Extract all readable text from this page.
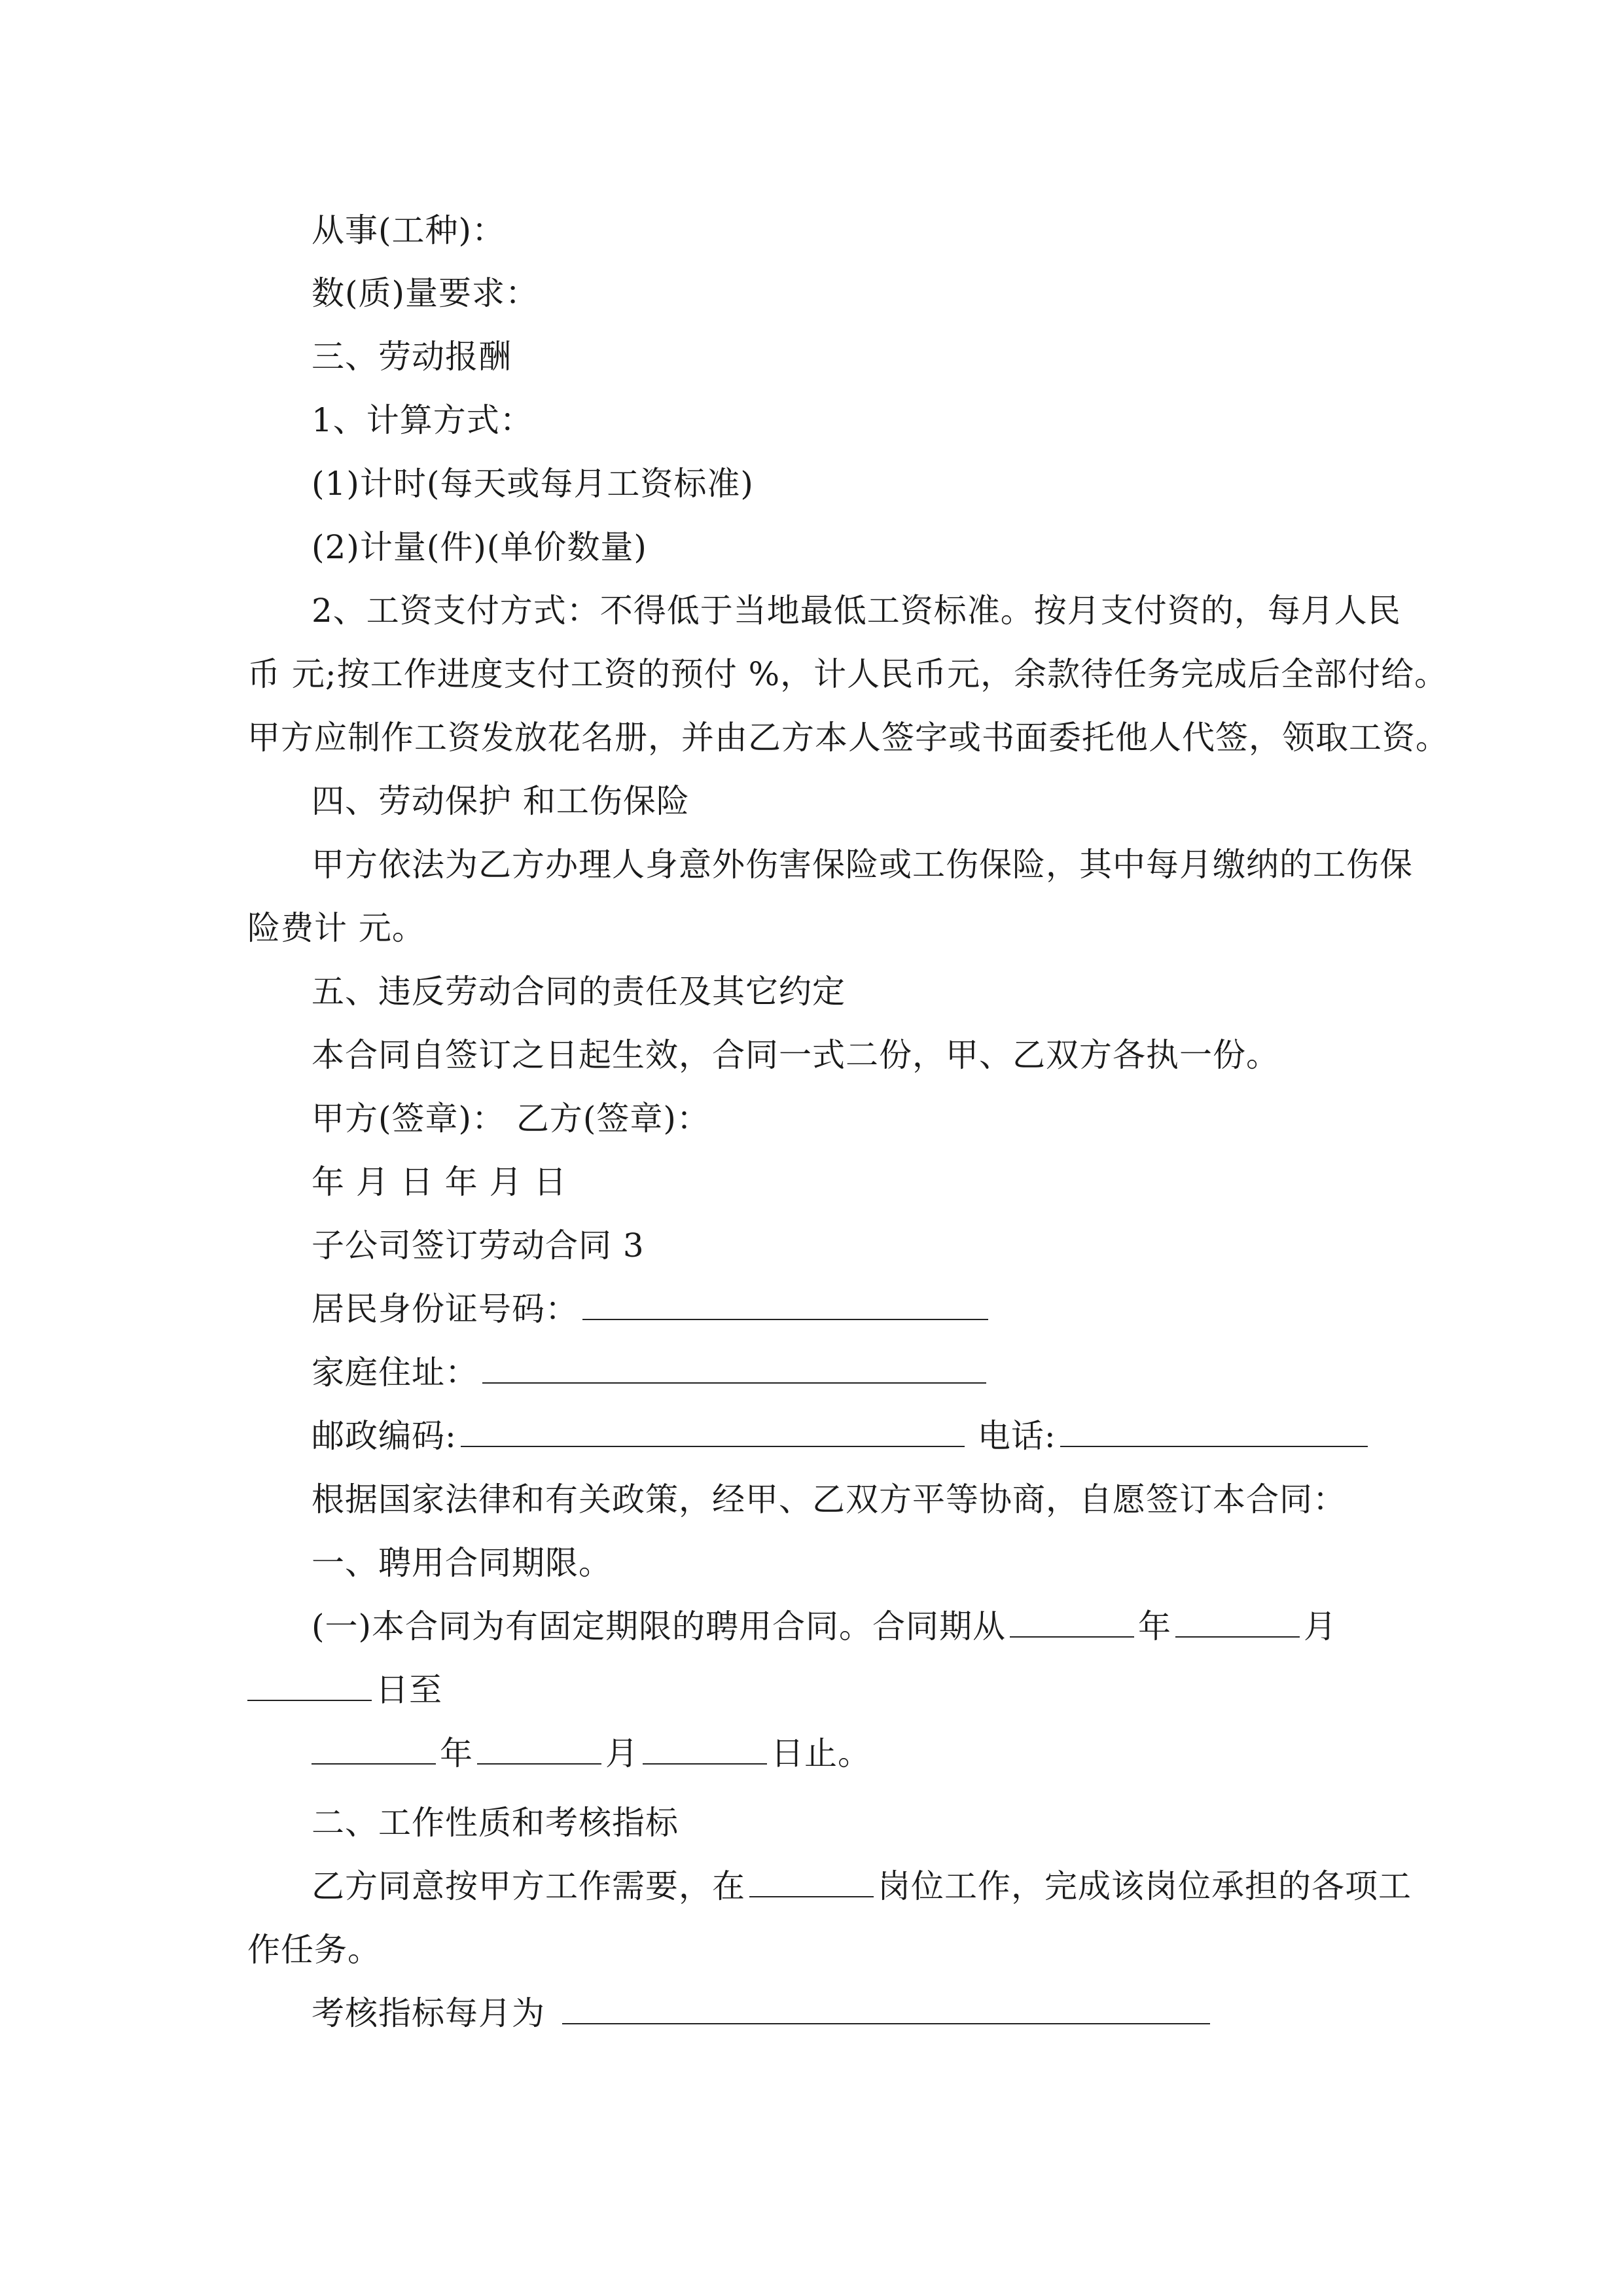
从事(工种)：
数(质)量要求：
三、劳动报酬
1、计算方式：
(1)计时(每天或每月工资标准)
(2)计量(件)(单价数量)
2、工资支付方式：不得低于当地最低工资标准。按月支付资的，每月人民
币 元;按工作进度支付工资的预付 %，计人民币元，余款待任务完成后全部付给。
甲方应制作工资发放花名册，并由乙方本人签字或书面委托他人代签，领取工资。
四、劳动保护 和工伤保险
甲方依法为乙方办理人身意外伤害保险或工伤保险，其中每月缴纳的工伤保
险费计 元。
五、违反劳动合同的责任及其它约定
本合同自签订之日起生效，合同一式二份，甲、乙双方各执一份。
甲方(签章)： 乙方(签章)：
年 月 日 年 月 日
子公司签订劳动合同 3
居民身份证号码：
家庭住址：
邮政编码:	电话:
根据国家法律和有关政策，经甲、乙双方平等协商，自愿签订本合同：
一、聘用合同期限。
(一)本合同为有固定期限的聘用合同。合同期从	年	月
日至
年	月	日止。
二、工作性质和考核指标
乙方同意按甲方工作需要，在	岗位工作，完成该岗位承担的各项工
作任务。
考核指标每月为
